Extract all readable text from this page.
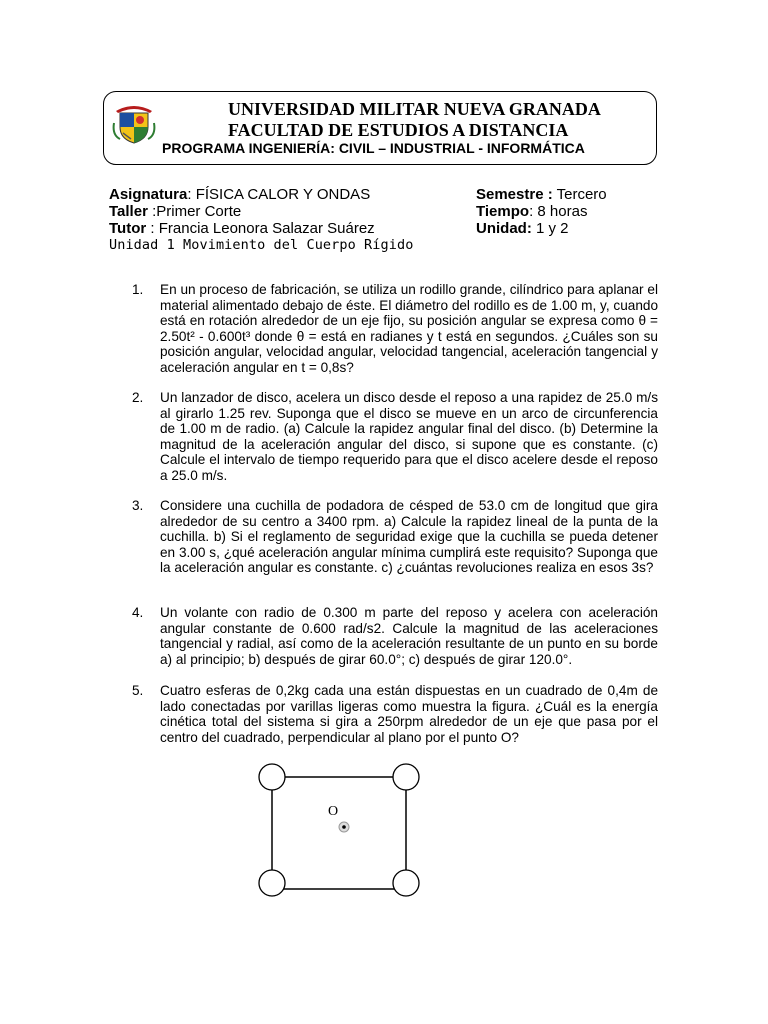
UNIVERSIDAD MILITAR NUEVA GRANADA
FACULTAD DE ESTUDIOS A DISTANCIA
PROGRAMA INGENIERÍA: CIVIL – INDUSTRIAL - INFORMÁTICA
Asignatura: FÍSICA CALOR Y ONDAS
Taller :Primer Corte
Tutor : Francia Leonora Salazar Suárez
Semestre : Tercero
Tiempo: 8 horas
Unidad: 1 y 2
Unidad 1 Movimiento del Cuerpo Rígido
1. En un proceso de fabricación, se utiliza un rodillo grande, cilíndrico para aplanar el material alimentado debajo de éste. El diámetro del rodillo es de 1.00 m, y, cuando está en rotación alrededor de un eje fijo, su posición angular se expresa como θ = 2.50t² - 0.600t³ donde θ = está en radianes y t está en segundos. ¿Cuáles son su posición angular, velocidad angular, velocidad tangencial, aceleración tangencial y aceleración angular en t = 0,8s?
2. Un lanzador de disco, acelera un disco desde el reposo a una rapidez de 25.0 m/s al girarlo 1.25 rev. Suponga que el disco se mueve en un arco de circunferencia de 1.00 m de radio. (a) Calcule la rapidez angular final del disco. (b) Determine la magnitud de la aceleración angular del disco, si supone que es constante. (c) Calcule el intervalo de tiempo requerido para que el disco acelere desde el reposo a 25.0 m/s.
3. Considere una cuchilla de podadora de césped de 53.0 cm de longitud que gira alrededor de su centro a 3400 rpm. a) Calcule la rapidez lineal de la punta de la cuchilla. b) Si el reglamento de seguridad exige que la cuchilla se pueda detener en 3.00 s, ¿qué aceleración angular mínima cumplirá este requisito? Suponga que la aceleración angular es constante. c) ¿cuántas revoluciones realiza en esos 3s?
4. Un volante con radio de 0.300 m parte del reposo y acelera con aceleración angular constante de 0.600 rad/s2. Calcule la magnitud de las aceleraciones tangencial y radial, así como de la aceleración resultante de un punto en su borde a) al principio; b) después de girar 60.0°; c) después de girar 120.0°.
5. Cuatro esferas de 0,2kg cada una están dispuestas en un cuadrado de 0,4m de lado conectadas por varillas ligeras como muestra la figura. ¿Cuál es la energía cinética total del sistema si gira a 250rpm alrededor de un eje que pasa por el centro del cuadrado, perpendicular al plano por el punto O?
O
